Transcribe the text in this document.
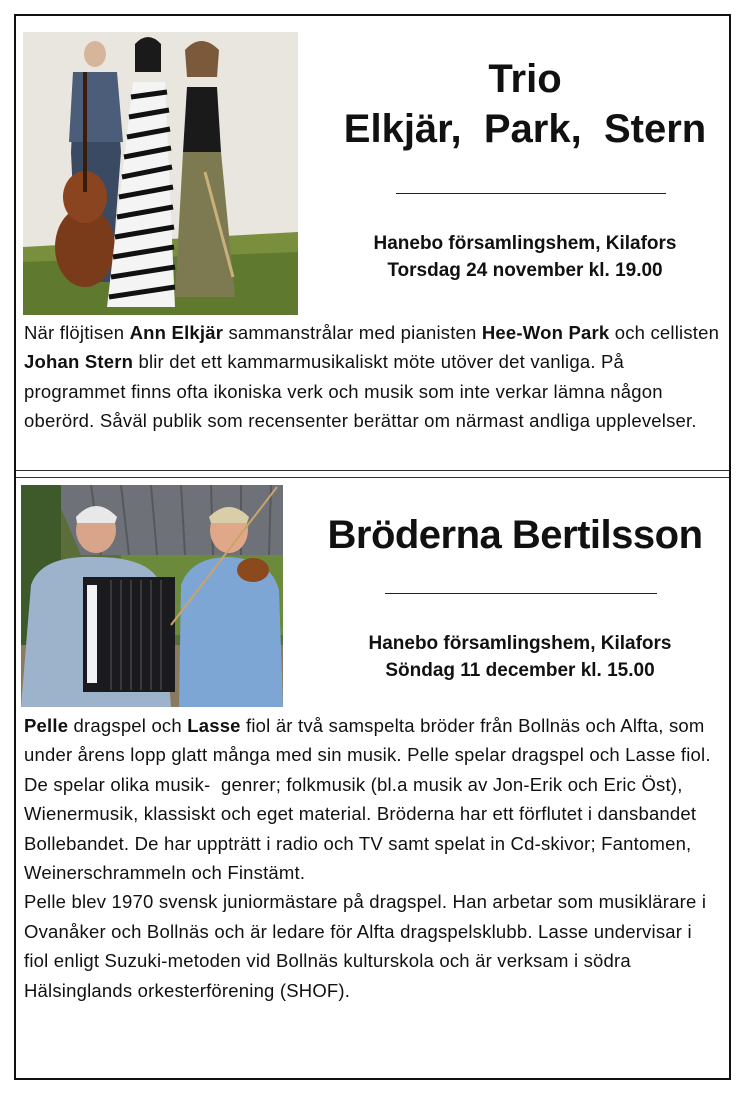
Trio
Elkjär,  Park,  Stern
Hanebo församlingshem, Kilafors
Torsdag 24 november kl. 19.00
När flöjtisen Ann Elkjär sammanstrålar med pianisten Hee-Won Park och cellisten Johan Stern blir det ett kammarmusikaliskt möte utöver det vanliga. På programmet finns ofta ikoniska verk och musik som inte verkar lämna någon oberörd. Såväl publik som recensenter berättar om närmast andliga upplevelser.
Bröderna Bertilsson
Hanebo församlingshem, Kilafors
Söndag 11 december kl. 15.00
Pelle dragspel och Lasse fiol är två samspelta bröder från Bollnäs och Alfta, som under årens lopp glatt många med sin musik. Pelle spelar dragspel och Lasse fiol. De spelar olika musik-  genrer; folkmusik (bl.a musik av Jon-Erik och Eric Öst), Wienermusik, klassiskt och eget material. Bröderna har ett förflutet i dansbandet Bollebandet. De har uppträtt i radio och TV samt spelat in Cd-skivor; Fantomen, Weinerschrammeln och Finstämt.
Pelle blev 1970 svensk juniormästare på dragspel. Han arbetar som musiklärare i Ovanåker och Bollnäs och är ledare för Alfta dragspelsklubb. Lasse undervisar i fiol enligt Suzuki-metoden vid Bollnäs kulturskola och är verksam i södra Hälsinglands orkesterförening (SHOF).
